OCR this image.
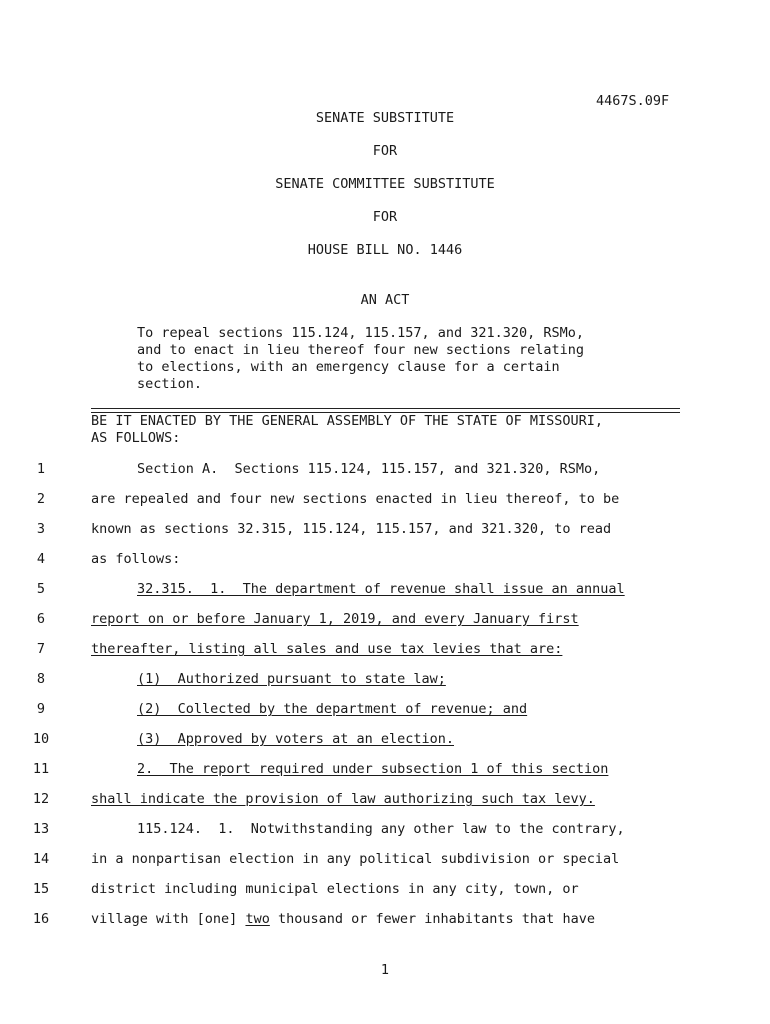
4467S.09F
SENATE SUBSTITUTE
FOR
SENATE COMMITTEE SUBSTITUTE
FOR
HOUSE BILL NO. 1446
AN ACT
To repeal sections 115.124, 115.157, and 321.320, RSMo,
and to enact in lieu thereof four new sections relating
to elections, with an emergency clause for a certain
section.
BE IT ENACTED BY THE GENERAL ASSEMBLY OF THE STATE OF MISSOURI,
AS FOLLOWS:
1	Section A.  Sections 115.124, 115.157, and 321.320, RSMo,
2	are repealed and four new sections enacted in lieu thereof, to be
3	known as sections 32.315, 115.124, 115.157, and 321.320, to read
4	as follows:
5	32.315.  1.  The department of revenue shall issue an annual
6	report on or before January 1, 2019, and every January first
7	thereafter, listing all sales and use tax levies that are:
8	(1)  Authorized pursuant to state law;
9	(2)  Collected by the department of revenue; and
10	(3)  Approved by voters at an election.
11	2.  The report required under subsection 1 of this section
12	shall indicate the provision of law authorizing such tax levy.
13	115.124.  1.  Notwithstanding any other law to the contrary,
14	in a nonpartisan election in any political subdivision or special
15	district including municipal elections in any city, town, or
16	village with [one] two thousand or fewer inhabitants that have
1
